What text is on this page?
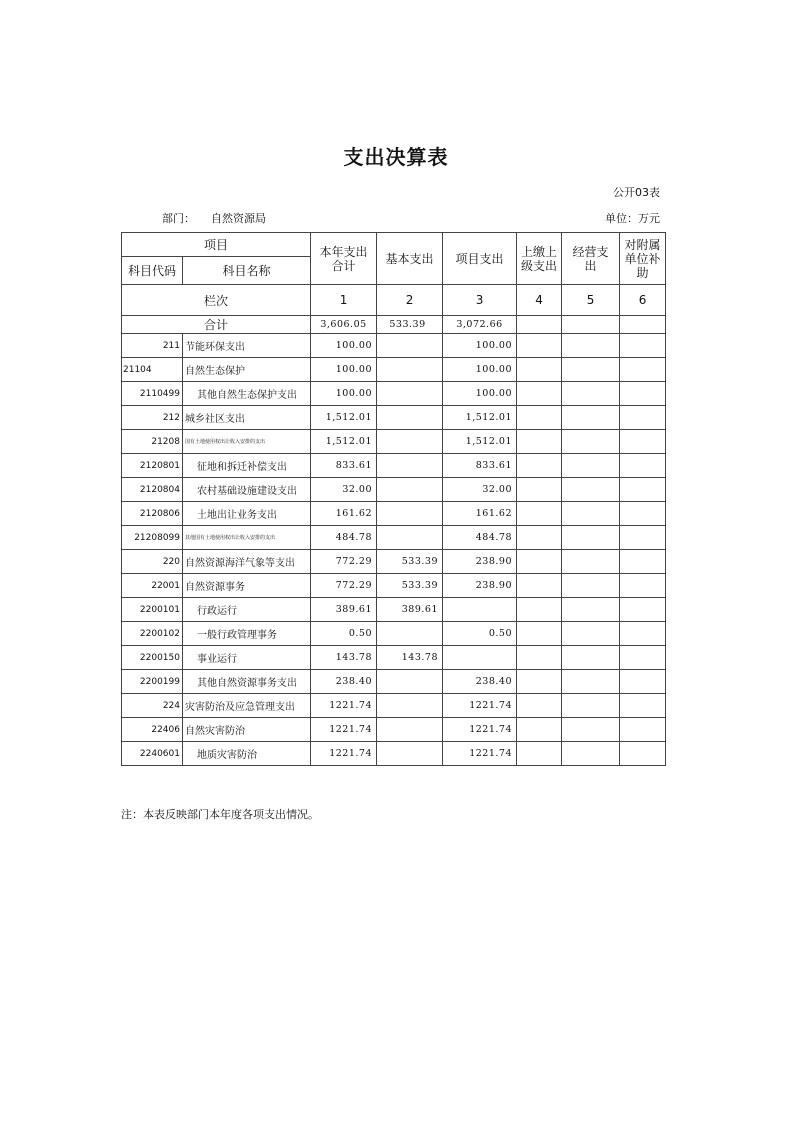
支出决算表
公开03表
部门： 自然资源局	单位：万元
项目		本年支出合计	基本支出	项目支出	上缴上级支出	经营支出	对附属单位补助
科目代码	科目名称						
栏次		1	2	3	4	5	6
合计		3,606.05	533.39	3,072.66			
211	节能环保支出	100.00		100.00			
21104	自然生态保护	100.00		100.00			
2110499	其他自然生态保护支出	100.00		100.00			
212	城乡社区支出	1,512.01		1,512.01			
21208	国有土地使用权出让收入安排的支出	1,512.01		1,512.01			
2120801	征地和拆迁补偿支出	833.61		833.61			
2120804	农村基础设施建设支出	32.00		32.00			
2120806	土地出让业务支出	161.62		161.62			
21208099	其他国有土地使用权出让收入安排的支出	484.78		484.78			
220	自然资源海洋气象等支出	772.29	533.39	238.90			
22001	自然资源事务	772.29	533.39	238.90			
2200101	行政运行	389.61	389.61				
2200102	一般行政管理事务	0.50		0.50			
2200150	事业运行	143.78	143.78				
2200199	其他自然资源事务支出	238.40		238.40			
224	灾害防治及应急管理支出	1221.74		1221.74			
22406	自然灾害防治	1221.74		1221.74			
2240601	地质灾害防治	1221.74		1221.74			
注：本表反映部门本年度各项支出情况。
